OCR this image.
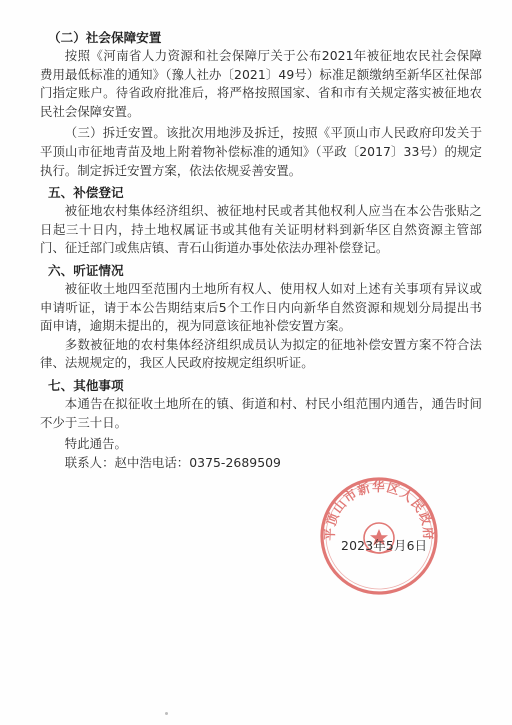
（二）社会保障安置

按照《河南省人力资源和社会保障厅关于公布2021年被征地农民社会保障费用最低标准的通知》（豫人社办〔2021〕49号）标准足额缴纳至新华区社保部门指定账户。待省政府批准后，将严格按照国家、省和市有关规定落实被征地农民社会保障安置。

（三）拆迁安置。该批次用地涉及拆迁，按照《平顶山市人民政府印发关于平顶山市征地青苗及地上附着物补偿标准的通知》（平政〔2017〕33号）的规定执行。制定拆迁安置方案，依法依规妥善安置。

五、补偿登记

被征地农村集体经济组织、被征地村民或者其他权利人应当在本公告张贴之日起三十日内，持土地权属证书或其他有关证明材料到新华区自然资源主管部门、征迁部门或焦店镇、青石山街道办事处依法办理补偿登记。

六、听证情况

被征收土地四至范围内土地所有权人、使用权人如对上述有关事项有异议或申请听证，请于本公告期结束后5个工作日内向新华自然资源和规划分局提出书面申请，逾期未提出的，视为同意该征地补偿安置方案。

多数被征地的农村集体经济组织成员认为拟定的征地补偿安置方案不符合法律、法规规定的，我区人民政府按规定组织听证。

七、其他事项

本通告在拟征收土地所在的镇、街道和村、村民小组范围内通告，通告时间不少于三十日。

特此通告。

联系人：赵中浩电话：0375-2689509

平顶山市新华区人民政府
2023年5月6日
